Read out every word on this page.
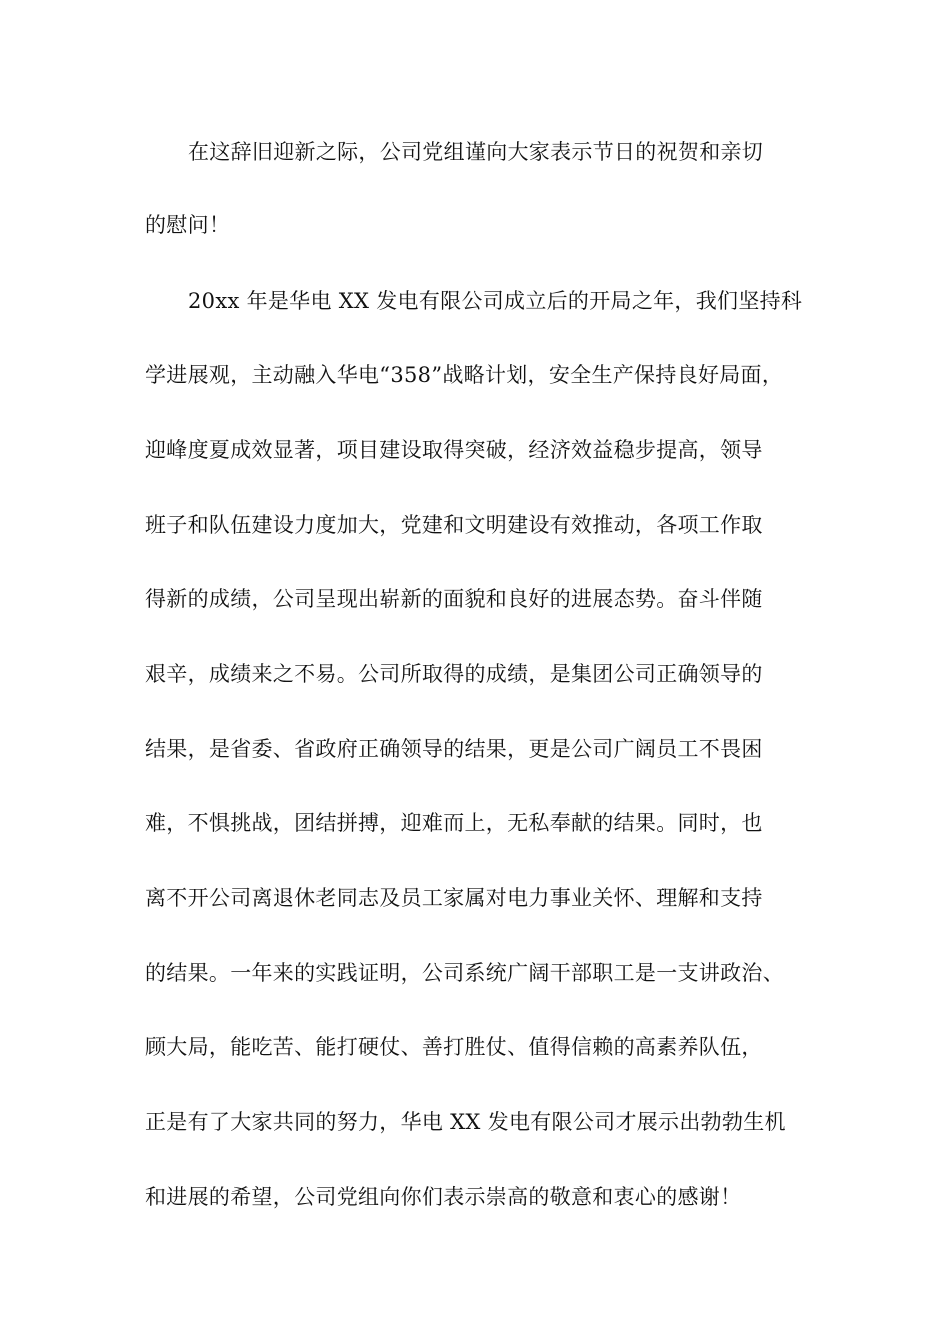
在这辞旧迎新之际，公司党组谨向大家表示节日的祝贺和亲切
的慰问！
20xx 年是华电 XX 发电有限公司成立后的开局之年，我们坚持科
学进展观，主动融入华电“358”战略计划，安全生产保持良好局面，
迎峰度夏成效显著，项目建设取得突破，经济效益稳步提高，领导
班子和队伍建设力度加大，党建和文明建设有效推动，各项工作取
得新的成绩，公司呈现出崭新的面貌和良好的进展态势。奋斗伴随
艰辛，成绩来之不易。公司所取得的成绩，是集团公司正确领导的
结果，是省委、省政府正确领导的结果，更是公司广阔员工不畏困
难，不惧挑战，团结拼搏，迎难而上，无私奉献的结果。同时，也
离不开公司离退休老同志及员工家属对电力事业关怀、理解和支持
的结果。一年来的实践证明，公司系统广阔干部职工是一支讲政治、
顾大局，能吃苦、能打硬仗、善打胜仗、值得信赖的高素养队伍，
正是有了大家共同的努力，华电 XX 发电有限公司才展示出勃勃生机
和进展的希望，公司党组向你们表示崇高的敬意和衷心的感谢！
